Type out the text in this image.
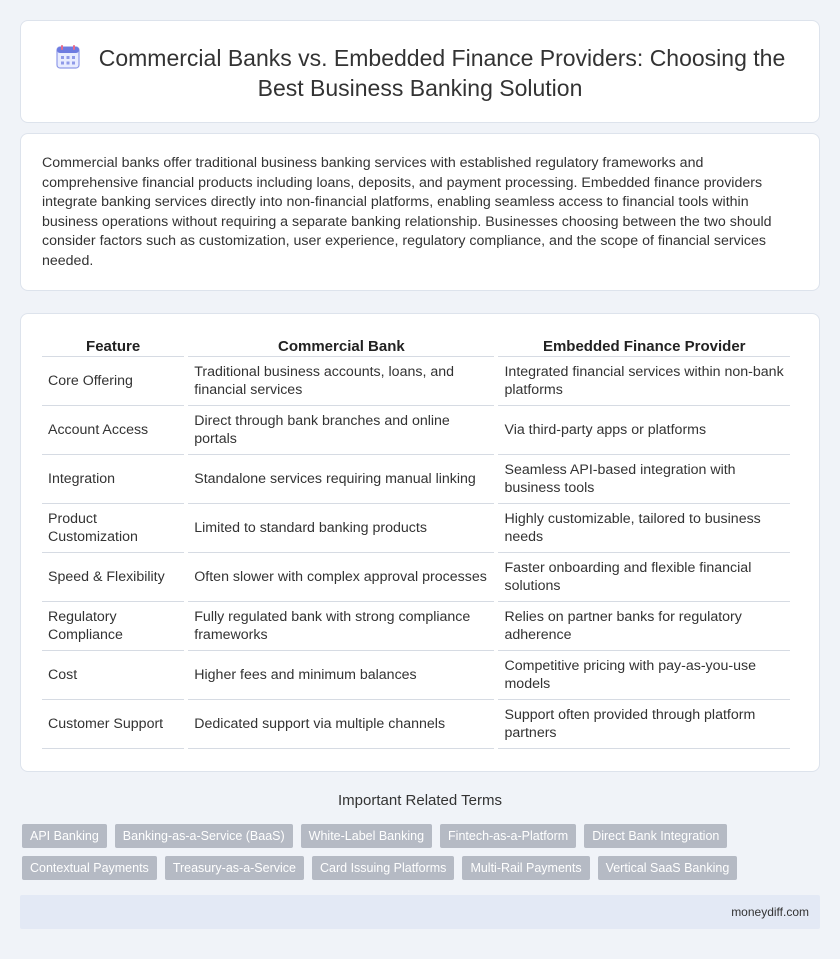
Commercial Banks vs. Embedded Finance Providers: Choosing the Best Business Banking Solution

Commercial banks offer traditional business banking services with established regulatory frameworks and comprehensive financial products including loans, deposits, and payment processing. Embedded finance providers integrate banking services directly into non-financial platforms, enabling seamless access to financial tools within business operations without requiring a separate banking relationship. Businesses choosing between the two should consider factors such as customization, user experience, regulatory compliance, and the scope of financial services needed.

Feature	Commercial Bank	Embedded Finance Provider
Core Offering	Traditional business accounts, loans, and financial services	Integrated financial services within non-bank platforms
Account Access	Direct through bank branches and online portals	Via third-party apps or platforms
Integration	Standalone services requiring manual linking	Seamless API-based integration with business tools
Product Customization	Limited to standard banking products	Highly customizable, tailored to business needs
Speed & Flexibility	Often slower with complex approval processes	Faster onboarding and flexible financial solutions
Regulatory Compliance	Fully regulated bank with strong compliance frameworks	Relies on partner banks for regulatory adherence
Cost	Higher fees and minimum balances	Competitive pricing with pay-as-you-use models
Customer Support	Dedicated support via multiple channels	Support often provided through platform partners
Important Related Terms
API Banking	Banking-as-a-Service (BaaS)	White-Label Banking	Fintech-as-a-Platform	Direct Bank Integration
Contextual Payments	Treasury-as-a-Service	Card Issuing Platforms	Multi-Rail Payments	Vertical SaaS Banking
moneydiff.com
